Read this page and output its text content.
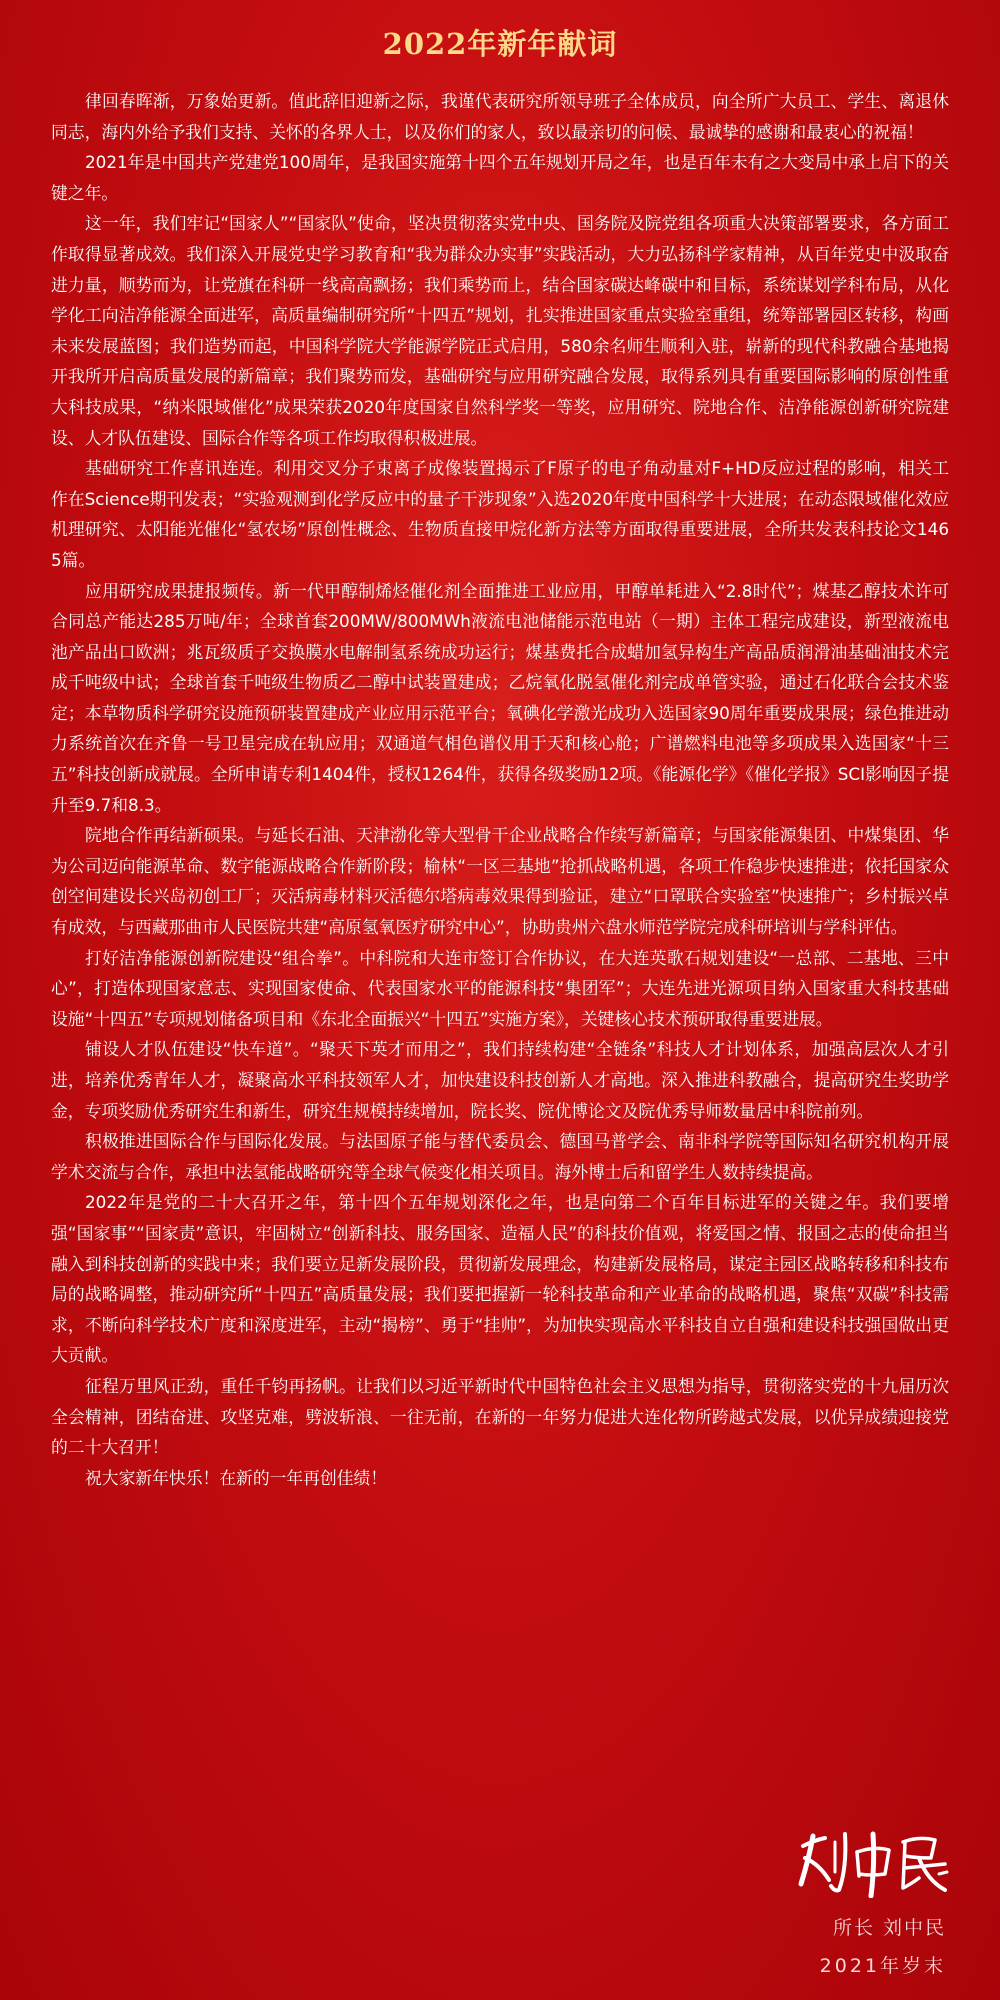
2022年新年献词

律回春晖渐，万象始更新。值此辞旧迎新之际，我谨代表研究所领导班子全体成员，向全所广大员工、学生、离退休同志，海内外给予我们支持、关怀的各界人士，以及你们的家人，致以最亲切的问候、最诚挚的感谢和最衷心的祝福！

2021年是中国共产党建党100周年，是我国实施第十四个五年规划开局之年，也是百年未有之大变局中承上启下的关键之年。

这一年，我们牢记“国家人”“国家队”使命，坚决贯彻落实党中央、国务院及院党组各项重大决策部署要求，各方面工作取得显著成效。我们深入开展党史学习教育和“我为群众办实事”实践活动，大力弘扬科学家精神，从百年党史中汲取奋进力量，顺势而为，让党旗在科研一线高高飘扬；我们乘势而上，结合国家碳达峰碳中和目标，系统谋划学科布局，从化学化工向洁净能源全面进军，高质量编制研究所“十四五”规划，扎实推进国家重点实验室重组，统筹部署园区转移，构画未来发展蓝图；我们造势而起，中国科学院大学能源学院正式启用，580余名师生顺利入驻，崭新的现代科教融合基地揭开我所开启高质量发展的新篇章；我们聚势而发，基础研究与应用研究融合发展，取得系列具有重要国际影响的原创性重大科技成果，“纳米限域催化”成果荣获2020年度国家自然科学奖一等奖，应用研究、院地合作、洁净能源创新研究院建设、人才队伍建设、国际合作等各项工作均取得积极进展。

基础研究工作喜讯连连。利用交叉分子束离子成像装置揭示了F原子的电子角动量对F+HD反应过程的影响，相关工作在Science期刊发表；“实验观测到化学反应中的量子干涉现象”入选2020年度中国科学十大进展；在动态限域催化效应机理研究、太阳能光催化“氢农场”原创性概念、生物质直接甲烷化新方法等方面取得重要进展，全所共发表科技论文1465篇。

应用研究成果捷报频传。新一代甲醇制烯烃催化剂全面推进工业应用，甲醇单耗进入“2.8时代”；煤基乙醇技术许可合同总产能达285万吨/年；全球首套200MW/800MWh液流电池储能示范电站（一期）主体工程完成建设，新型液流电池产品出口欧洲；兆瓦级质子交换膜水电解制氢系统成功运行；煤基费托合成蜡加氢异构生产高品质润滑油基础油技术完成千吨级中试；全球首套千吨级生物质乙二醇中试装置建成；乙烷氧化脱氢催化剂完成单管实验，通过石化联合会技术鉴定；本草物质科学研究设施预研装置建成产业应用示范平台；氧碘化学激光成功入选国家90周年重要成果展；绿色推进动力系统首次在齐鲁一号卫星完成在轨应用；双通道气相色谱仪用于天和核心舱；广谱燃料电池等多项成果入选国家“十三五”科技创新成就展。全所申请专利1404件，授权1264件，获得各级奖励12项。《能源化学》《催化学报》SCI影响因子提升至9.7和8.3。

院地合作再结新硕果。与延长石油、天津渤化等大型骨干企业战略合作续写新篇章；与国家能源集团、中煤集团、华为公司迈向能源革命、数字能源战略合作新阶段；榆林“一区三基地”抢抓战略机遇，各项工作稳步快速推进；依托国家众创空间建设长兴岛初创工厂；灭活病毒材料灭活德尔塔病毒效果得到验证，建立“口罩联合实验室”快速推广；乡村振兴卓有成效，与西藏那曲市人民医院共建“高原氢氧医疗研究中心”，协助贵州六盘水师范学院完成科研培训与学科评估。

打好洁净能源创新院建设“组合拳”。中科院和大连市签订合作协议，在大连英歌石规划建设“一总部、二基地、三中心”，打造体现国家意志、实现国家使命、代表国家水平的能源科技“集团军”；大连先进光源项目纳入国家重大科技基础设施“十四五”专项规划储备项目和《东北全面振兴“十四五”实施方案》，关键核心技术预研取得重要进展。

铺设人才队伍建设“快车道”。“聚天下英才而用之”，我们持续构建“全链条”科技人才计划体系，加强高层次人才引进，培养优秀青年人才，凝聚高水平科技领军人才，加快建设科技创新人才高地。深入推进科教融合，提高研究生奖助学金，专项奖励优秀研究生和新生，研究生规模持续增加，院长奖、院优博论文及院优秀导师数量居中科院前列。

积极推进国际合作与国际化发展。与法国原子能与替代委员会、德国马普学会、南非科学院等国际知名研究机构开展学术交流与合作，承担中法氢能战略研究等全球气候变化相关项目。海外博士后和留学生人数持续提高。

2022年是党的二十大召开之年，第十四个五年规划深化之年，也是向第二个百年目标进军的关键之年。我们要增强“国家事”“国家责”意识，牢固树立“创新科技、服务国家、造福人民”的科技价值观，将爱国之情、报国之志的使命担当融入到科技创新的实践中来；我们要立足新发展阶段，贯彻新发展理念，构建新发展格局，谋定主园区战略转移和科技布局的战略调整，推动研究所“十四五”高质量发展；我们要把握新一轮科技革命和产业革命的战略机遇，聚焦“双碳”科技需求，不断向科学技术广度和深度进军，主动“揭榜”、勇于“挂帅”，为加快实现高水平科技自立自强和建设科技强国做出更大贡献。

征程万里风正劲，重任千钧再扬帆。让我们以习近平新时代中国特色社会主义思想为指导，贯彻落实党的十九届历次全会精神，团结奋进、攻坚克难，劈波斩浪、一往无前，在新的一年努力促进大连化物所跨越式发展，以优异成绩迎接党的二十大召开！

祝大家新年快乐！在新的一年再创佳绩！

所长 刘中民
2021年岁末
